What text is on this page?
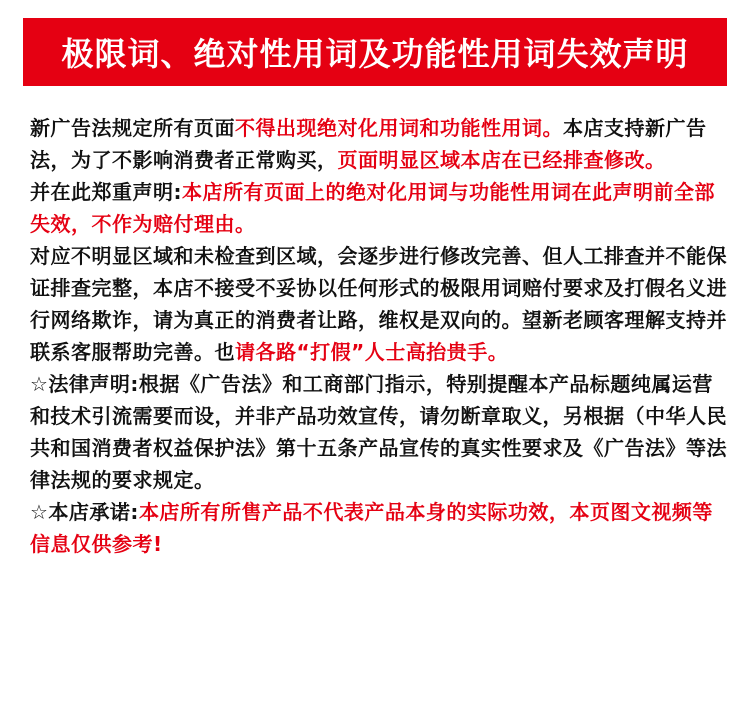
极限词、绝对性用词及功能性用词失效声明

新广告法规定所有页面不得出现绝对化用词和功能性用词。本店支持新广告法，为了不影响消费者正常购买，页面明显区域本店在已经排查修改。

并在此郑重声明:本店所有页面上的绝对化用词与功能性用词在此声明前全部失效，不作为赔付理由。

对应不明显区域和未检查到区域，会逐步进行修改完善、但人工排查并不能保证排查完整，本店不接受不妥协以任何形式的极限用词赔付要求及打假名义进行网络欺诈，请为真正的消费者让路，维权是双向的。望新老顾客理解支持并联系客服帮助完善。也请各路“打假”人士高抬贵手。

☆法律声明:根据《广告法》和工商部门指示，特别提醒本产品标题纯属运营和技术引流需要而设，并非产品功效宣传，请勿断章取义，另根据（中华人民共和国消费者权益保护法》第十五条产品宣传的真实性要求及《广告法》等法律法规的要求规定。

☆本店承诺:本店所有所售产品不代表产品本身的实际功效，本页图文视频等信息仅供参考!
